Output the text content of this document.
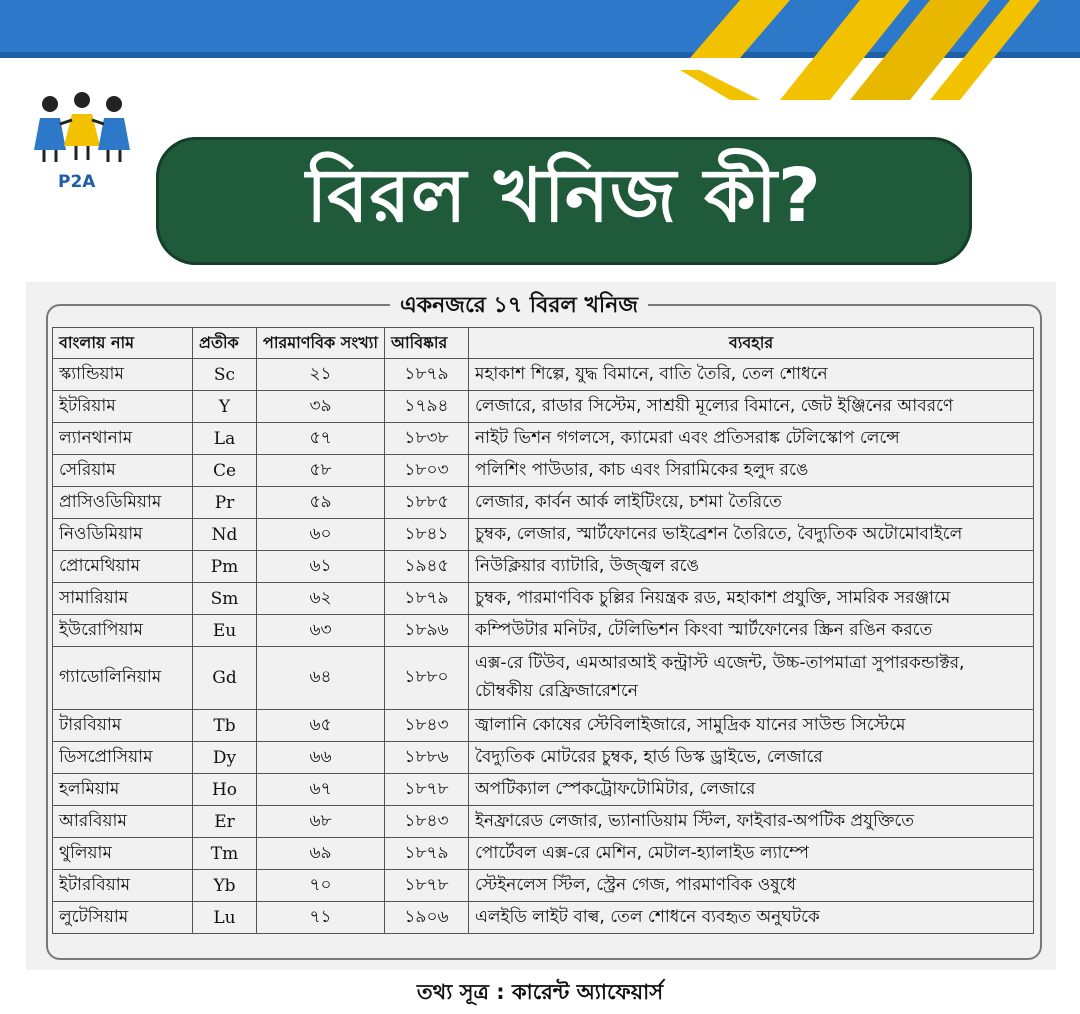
P2A	বিরল খনিজ কী?
একনজরে ১৭ বিরল খনিজ
বাংলায় নাম	প্রতীক	পারমাণবিক সংখ্যা	আবিষ্কার	ব্যবহার
স্ক্যান্ডিয়াম	Sc	২১	১৮৭৯	মহাকাশ শিল্পে, যুদ্ধ বিমানে, বাতি তৈরি, তেল শোধনে
ইটরিয়াম	Y	৩৯	১৭৯৪	লেজারে, রাডার সিস্টেম, সাশ্রয়ী মূল্যের বিমানে, জেট ইঞ্জিনের আবরণে
ল্যানথানাম	La	৫৭	১৮৩৮	নাইট ভিশন গগলসে, ক্যামেরা এবং প্রতিসরাঙ্ক টেলিস্কোপ লেন্সে
সেরিয়াম	Ce	৫৮	১৮০৩	পলিশিং পাউডার, কাচ এবং সিরামিকের হলুদ রঙে
প্রাসিওডিমিয়াম	Pr	৫৯	১৮৮৫	লেজার, কার্বন আর্ক লাইটিংয়ে, চশমা তৈরিতে
নিওডিমিয়াম	Nd	৬০	১৮৪১	চুম্বক, লেজার, স্মার্টফোনের ভাইব্রেশন তৈরিতে, বৈদ্যুতিক অটোমোবাইলে
প্রোমেথিয়াম	Pm	৬১	১৯৪৫	নিউক্লিয়ার ব্যাটারি, উজ্জ্বল রঙে
সামারিয়াম	Sm	৬২	১৮৭৯	চুম্বক, পারমাণবিক চুল্লির নিয়ন্ত্রক রড, মহাকাশ প্রযুক্তি, সামরিক সরঞ্জামে
ইউরোপিয়াম	Eu	৬৩	১৮৯৬	কম্পিউটার মনিটর, টেলিভিশন কিংবা স্মার্টফোনের স্ক্রিন রঙিন করতে
গ্যাডোলিনিয়াম	Gd	৬৪	১৮৮০	এক্স-রে টিউব, এমআরআই কন্ট্রাস্ট এজেন্ট, উচ্চ-তাপমাত্রা সুপারকন্ডাক্টর, চৌম্বকীয় রেফ্রিজারেশনে
টারবিয়াম	Tb	৬৫	১৮৪৩	জ্বালানি কোষের স্টেবিলাইজারে, সামুদ্রিক যানের সাউন্ড সিস্টেমে
ডিসপ্রোসিয়াম	Dy	৬৬	১৮৮৬	বৈদ্যুতিক মোটরের চুম্বক, হার্ড ডিস্ক ড্রাইভে, লেজারে
হলমিয়াম	Ho	৬৭	১৮৭৮	অপটিক্যাল স্পেকট্রোফটোমিটার, লেজারে
আরবিয়াম	Er	৬৮	১৮৪৩	ইনফ্রারেড লেজার, ভ্যানাডিয়াম স্টিল, ফাইবার-অপটিক প্রযুক্তিতে
থুলিয়াম	Tm	৬৯	১৮৭৯	পোর্টেবল এক্স-রে মেশিন, মেটাল-হ্যালাইড ল্যাম্পে
ইটারবিয়াম	Yb	৭০	১৮৭৮	স্টেইনলেস স্টিল, স্ট্রেন গেজ, পারমাণবিক ওষুধে
লুটেসিয়াম	Lu	৭১	১৯০৬	এলইডি লাইট বাল্ব, তেল শোধনে ব্যবহৃত অনুঘটকে
তথ্য সূত্র : কারেন্ট অ্যাফেয়ার্স
